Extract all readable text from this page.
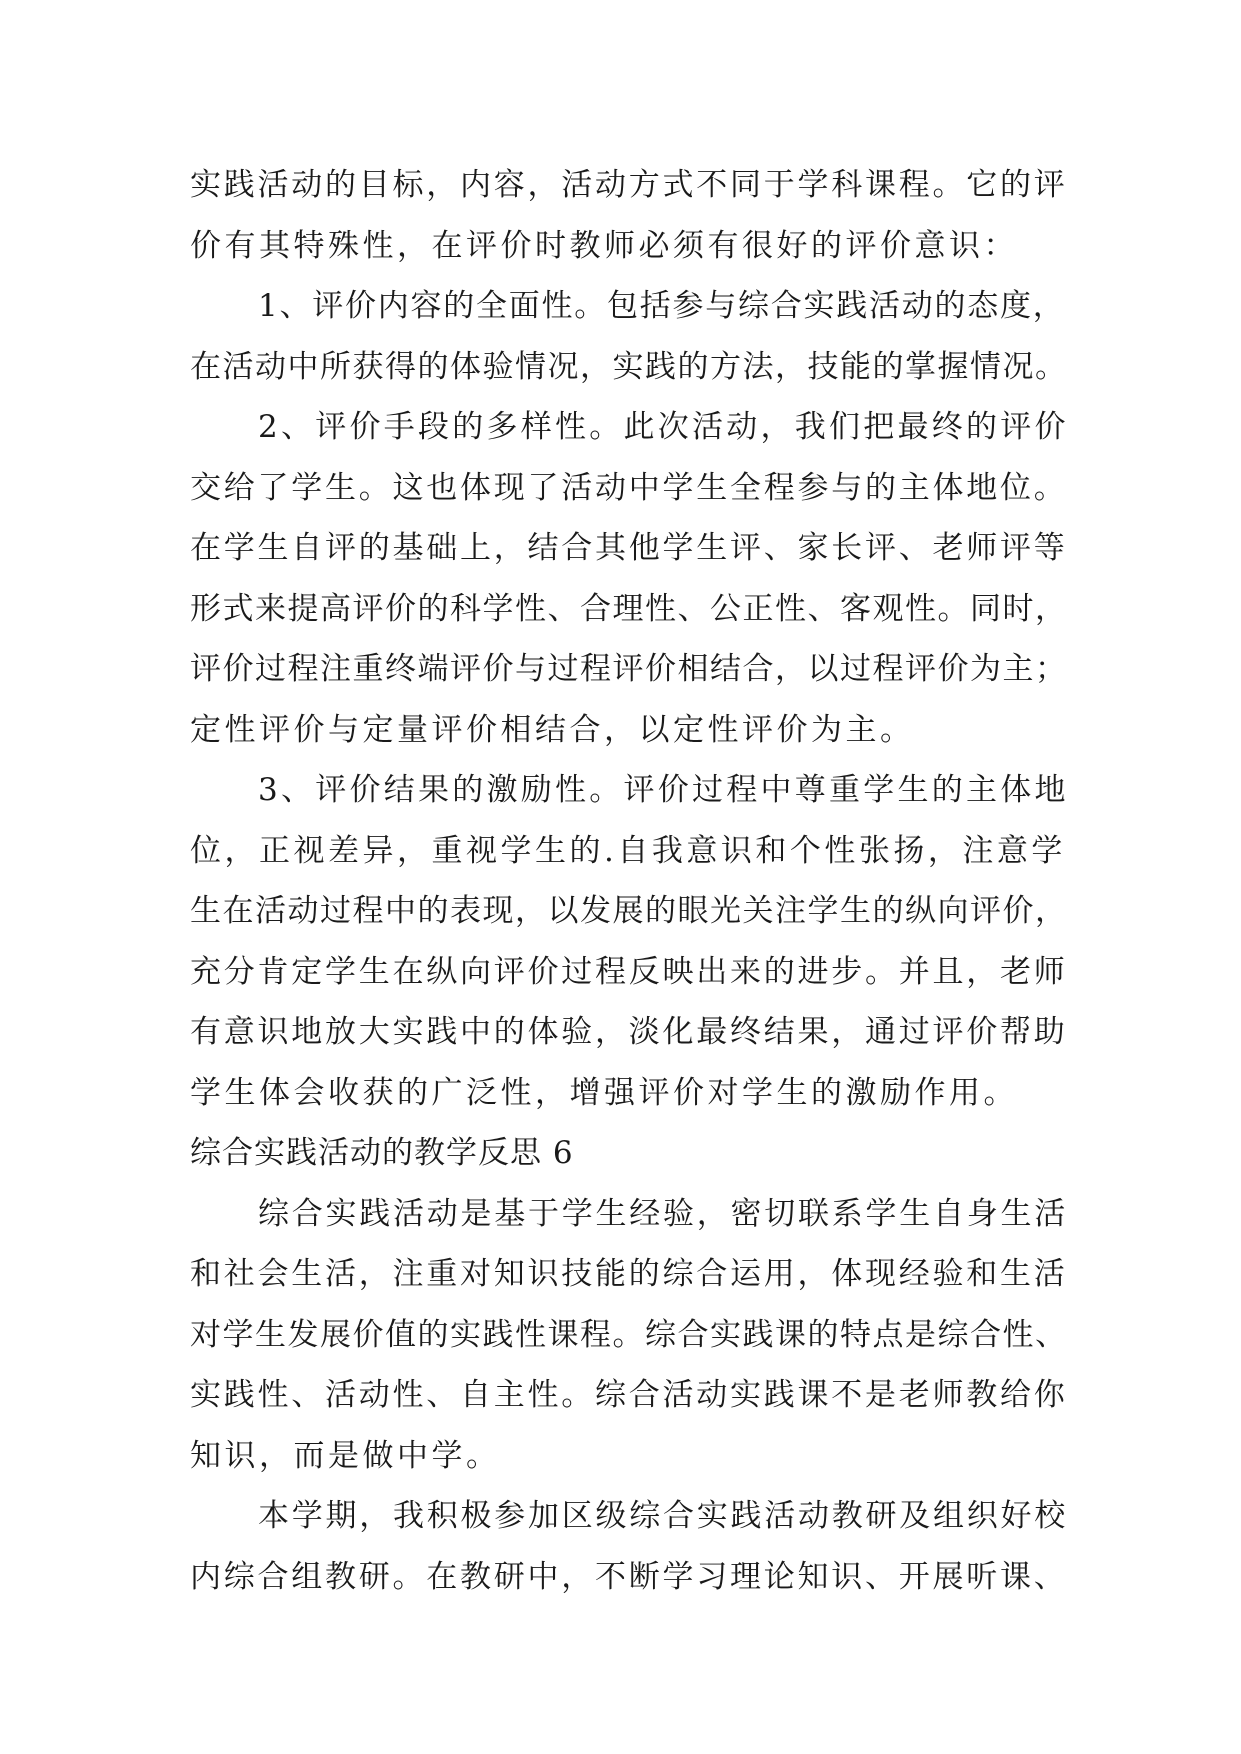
实践活动的目标，内容，活动方式不同于学科课程。它的评
价有其特殊性，在评价时教师必须有很好的评价意识：
1、评价内容的全面性。包括参与综合实践活动的态度，
在活动中所获得的体验情况，实践的方法，技能的掌握情况。
2、评价手段的多样性。此次活动，我们把最终的评价
交给了学生。这也体现了活动中学生全程参与的主体地位。
在学生自评的基础上，结合其他学生评、家长评、老师评等
形式来提高评价的科学性、合理性、公正性、客观性。同时，
评价过程注重终端评价与过程评价相结合，以过程评价为主；
定性评价与定量评价相结合，以定性评价为主。
3、评价结果的激励性。评价过程中尊重学生的主体地
位，正视差异，重视学生的.自我意识和个性张扬，注意学
生在活动过程中的表现，以发展的眼光关注学生的纵向评价，
充分肯定学生在纵向评价过程反映出来的进步。并且，老师
有意识地放大实践中的体验，淡化最终结果，通过评价帮助
学生体会收获的广泛性，增强评价对学生的激励作用。
综合实践活动的教学反思 6
综合实践活动是基于学生经验，密切联系学生自身生活
和社会生活，注重对知识技能的综合运用，体现经验和生活
对学生发展价值的实践性课程。综合实践课的特点是综合性、
实践性、活动性、自主性。综合活动实践课不是老师教给你
知识，而是做中学。
本学期，我积极参加区级综合实践活动教研及组织好校
内综合组教研。在教研中，不断学习理论知识、开展听课、
